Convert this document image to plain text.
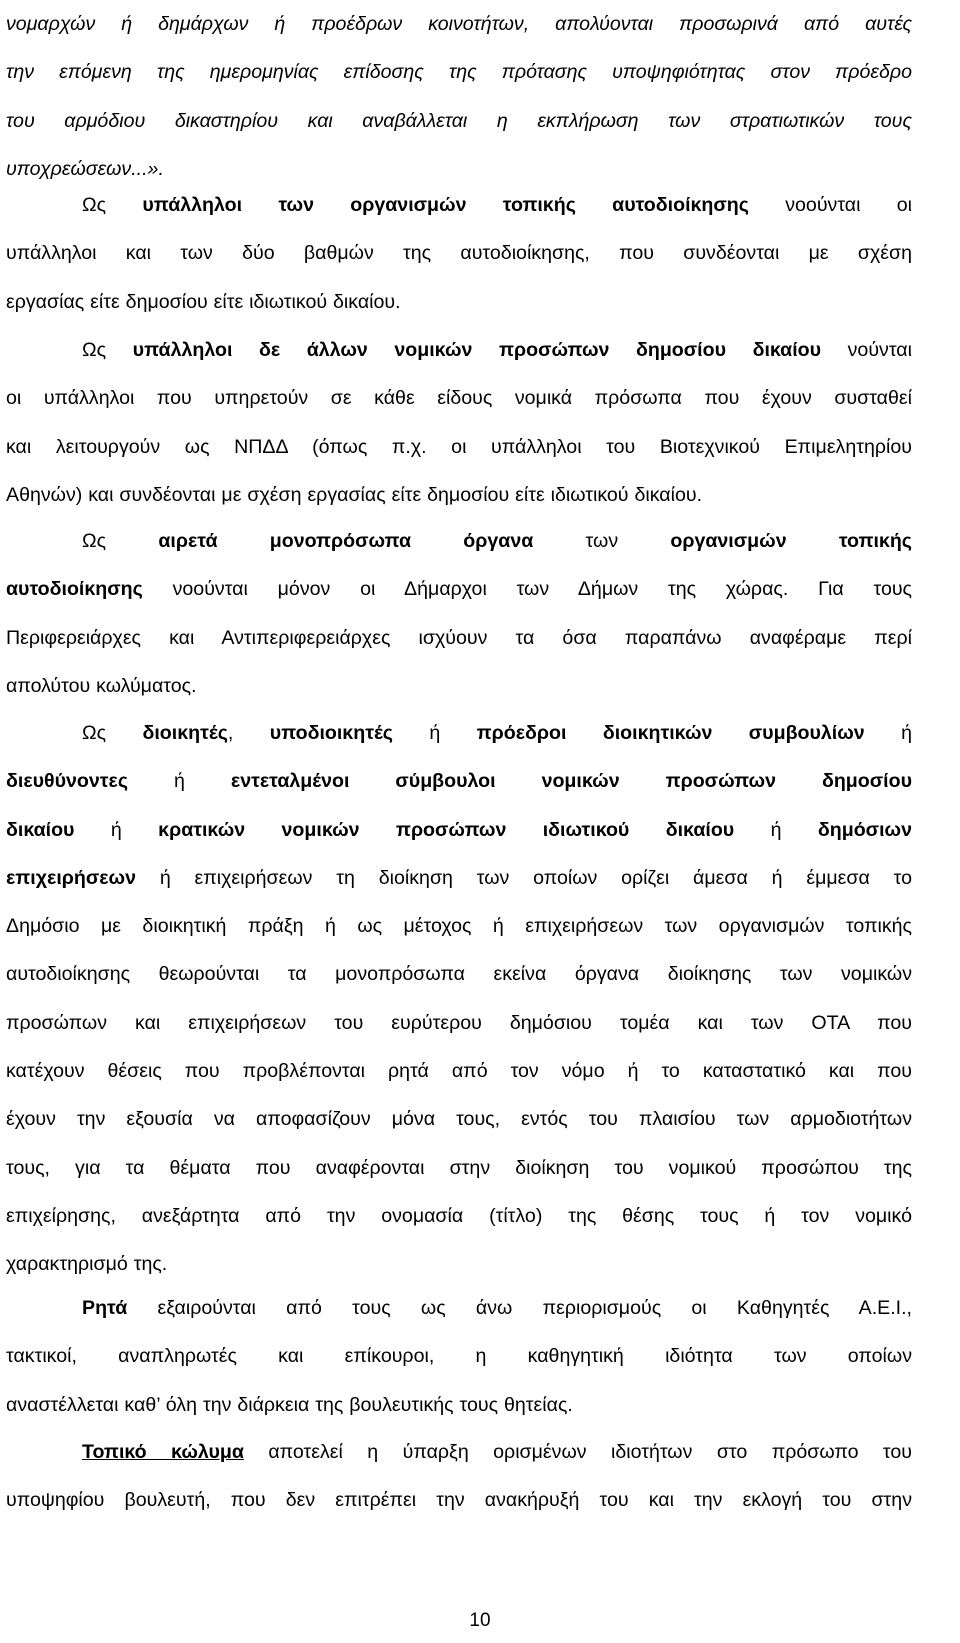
νομαρχών ή δημάρχων ή προέδρων κοινοτήτων, απολύονται προσωρινά από αυτές
την επόμενη της ημερομηνίας επίδοσης της πρότασης υποψηφιότητας στον πρόεδρο
του αρμόδιου δικαστηρίου και αναβάλλεται η εκπλήρωση των στρατιωτικών τους
υποχρεώσεων...».

Ως υπάλληλοι των οργανισμών τοπικής αυτοδιοίκησης νοούνται οι
υπάλληλοι και των δύο βαθμών της αυτοδιοίκησης, που συνδέονται με σχέση
εργασίας είτε δημοσίου είτε ιδιωτικού δικαίου.

Ως υπάλληλοι δε άλλων νομικών προσώπων δημοσίου δικαίου νούνται
οι υπάλληλοι που υπηρετούν σε κάθε είδους νομικά πρόσωπα που έχουν συσταθεί
και λειτουργούν ως ΝΠΔΔ (όπως π.χ. οι υπάλληλοι του Βιοτεχνικού Επιμελητηρίου
Αθηνών) και συνδέονται με σχέση εργασίας είτε δημοσίου είτε ιδιωτικού δικαίου.

Ως αιρετά μονοπρόσωπα όργανα των οργανισμών τοπικής
αυτοδιοίκησης νοούνται μόνον οι Δήμαρχοι των Δήμων της χώρας. Για τους
Περιφερειάρχες και Αντιπεριφερειάρχες ισχύουν τα όσα παραπάνω αναφέραμε περί
απολύτου κωλύματος.

Ως διοικητές, υποδιοικητές ή πρόεδροι διοικητικών συμβουλίων ή
διευθύνοντες ή εντεταλμένοι σύμβουλοι νομικών προσώπων δημοσίου
δικαίου ή κρατικών νομικών προσώπων ιδιωτικού δικαίου ή δημόσιων
επιχειρήσεων ή επιχειρήσεων τη διοίκηση των οποίων ορίζει άμεσα ή έμμεσα το
Δημόσιο με διοικητική πράξη ή ως μέτοχος ή επιχειρήσεων των οργανισμών τοπικής
αυτοδιοίκησης θεωρούνται τα μονοπρόσωπα εκείνα όργανα διοίκησης των νομικών
προσώπων και επιχειρήσεων του ευρύτερου δημόσιου τομέα και των ΟΤΑ που
κατέχουν θέσεις που προβλέπονται ρητά από τον νόμο ή το καταστατικό και που
έχουν την εξουσία να αποφασίζουν μόνα τους, εντός του πλαισίου των αρμοδιοτήτων
τους, για τα θέματα που αναφέρονται στην διοίκηση του νομικού προσώπου της
επιχείρησης, ανεξάρτητα από την ονομασία (τίτλο) της θέσης τους ή τον νομικό
χαρακτηρισμό της.

Ρητά εξαιρούνται από τους ως άνω περιορισμούς οι Καθηγητές Α.Ε.Ι.,
τακτικοί, αναπληρωτές και επίκουροι, η καθηγητική ιδιότητα των οποίων
αναστέλλεται καθ’ όλη την διάρκεια της βουλευτικής τους θητείας.

Τοπικό κώλυμα αποτελεί η ύπαρξη ορισμένων ιδιοτήτων στο πρόσωπο του
υποψηφίου βουλευτή, που δεν επιτρέπει την ανακήρυξή του και την εκλογή του στην

10
